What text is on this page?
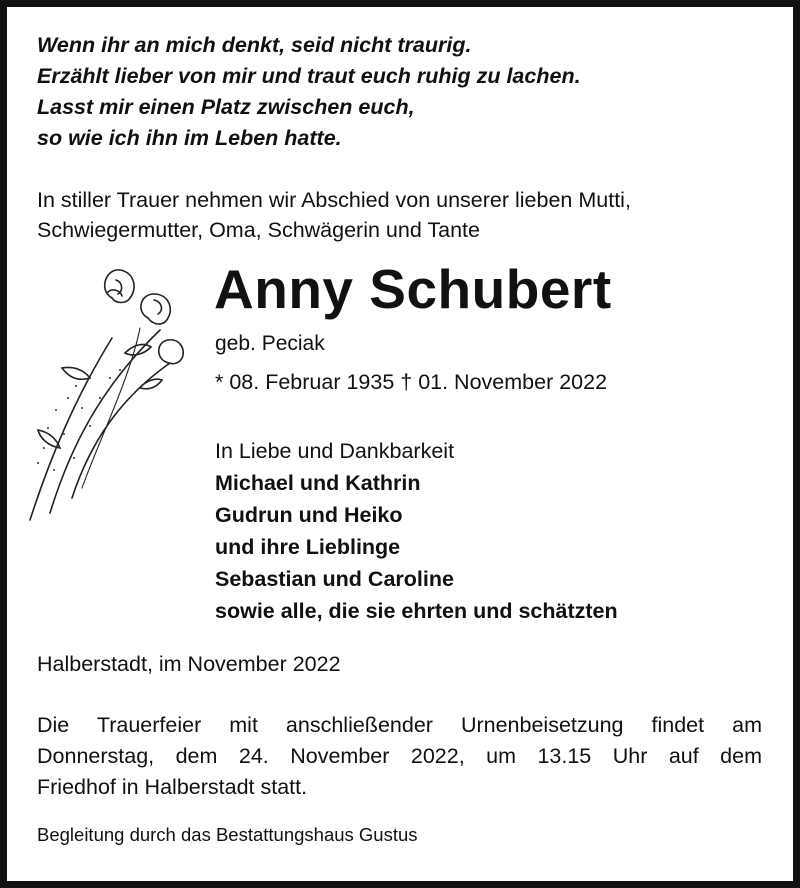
Wenn ihr an mich denkt, seid nicht traurig.
Erzählt lieber von mir und traut euch ruhig zu lachen.
Lasst mir einen Platz zwischen euch,
so wie ich ihn im Leben hatte.
In stiller Trauer nehmen wir Abschied von unserer lieben Mutti,
Schwiegermutter, Oma, Schwägerin und Tante
Anny Schubert
geb. Peciak
* 08. Februar 1935 † 01. November 2022
In Liebe und Dankbarkeit
Michael und Kathrin
Gudrun und Heiko
und ihre Lieblinge
Sebastian und Caroline
sowie alle, die sie ehrten und schätzten
Halberstadt, im November 2022
Die Trauerfeier mit anschließender Urnenbeisetzung findet am
Donnerstag, dem 24. November 2022, um 13.15 Uhr auf dem
Friedhof in Halberstadt statt.
Begleitung durch das Bestattungshaus Gustus
